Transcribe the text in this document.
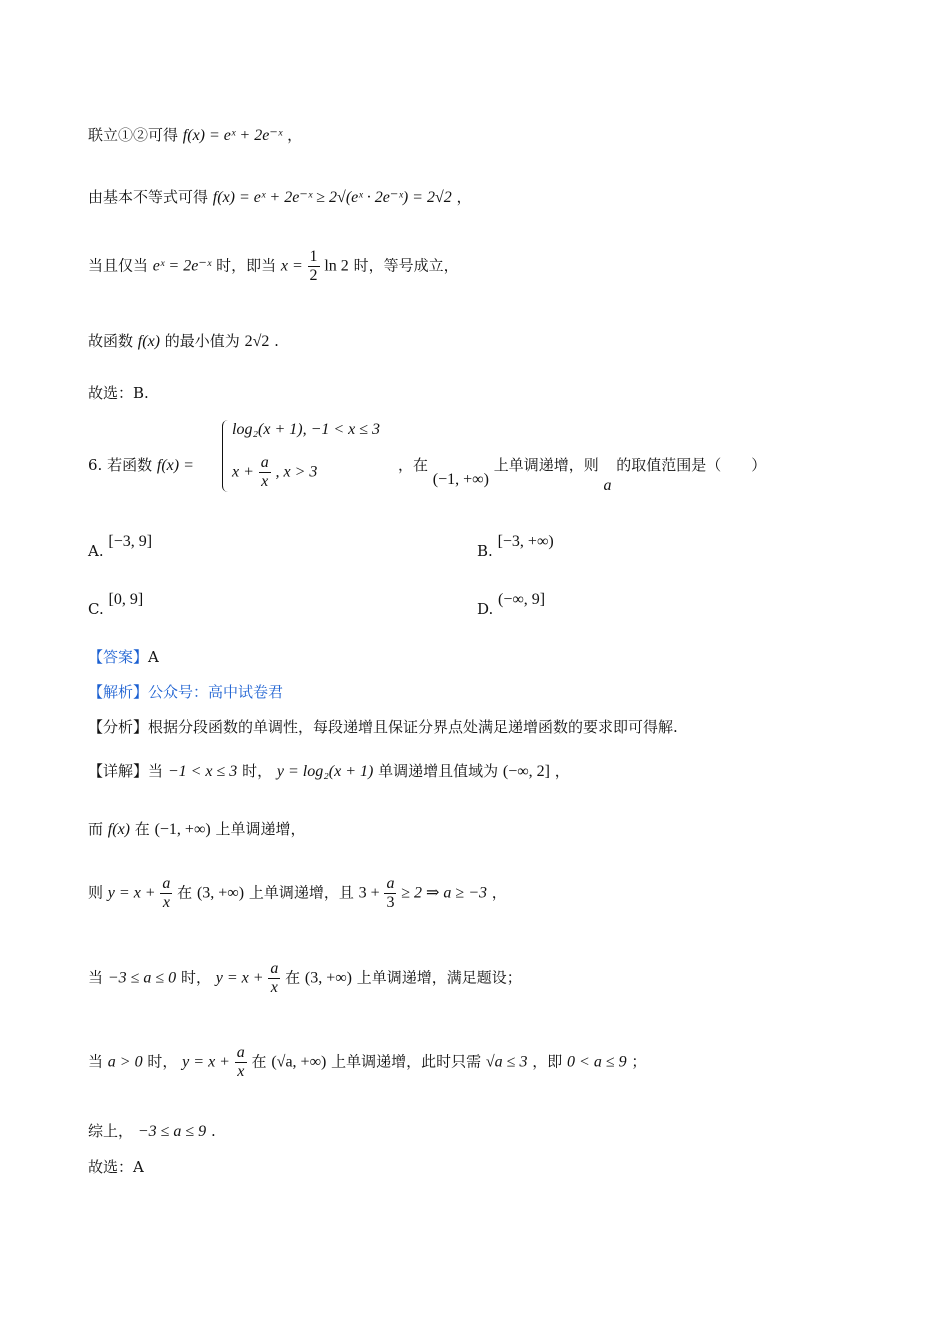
联立①②可得 f(x) = eˣ + 2e⁻ˣ ，
由基本不等式可得 f(x) = eˣ + 2e⁻ˣ ≥ 2√(eˣ · 2e⁻ˣ) = 2√2 ，
当且仅当 eˣ = 2e⁻ˣ 时，即当 $x = \frac{1}{2}$ ln 2 时，等号成立，
故函数 f(x) 的最小值为 2√2 .
故选：B.
6. 若函数 f(x) =
log₂(x + 1), −1 < x ≤ 3
$x + \frac{a}{x}$ , x > 3	，在 (−1, +∞) 上单调递增，则 a 的取值范围是（　　）
A. [−3, 9]
B. [−3, +∞)
C. [0, 9]
D. (−∞, 9]
【答案】A
【解析】公众号：高中试卷君
【分析】根据分段函数的单调性，每段递增且保证分界点处满足递增函数的要求即可得解.
【详解】当 −1 < x ≤ 3 时， y = log₂(x + 1) 单调递增且值域为 (−∞, 2] ，
而 f(x) 在 (−1, +∞) 上单调递增，
则 $y = x + \frac{a}{x}$ 在 (3, +∞) 上单调递增，且 $3 + \frac{a}{3} \ge 2$ ⇒ a ≥ −3 ，
当 −3 ≤ a ≤ 0 时， $y = x + \frac{a}{x}$ 在 (3, +∞) 上单调递增，满足题设；
当 a > 0 时， $y = x + \frac{a}{x}$ 在 (√a, +∞) 上单调递增，此时只需 √a ≤ 3 ，即 0 < a ≤ 9 ；
综上， −3 ≤ a ≤ 9 .
故选：A
